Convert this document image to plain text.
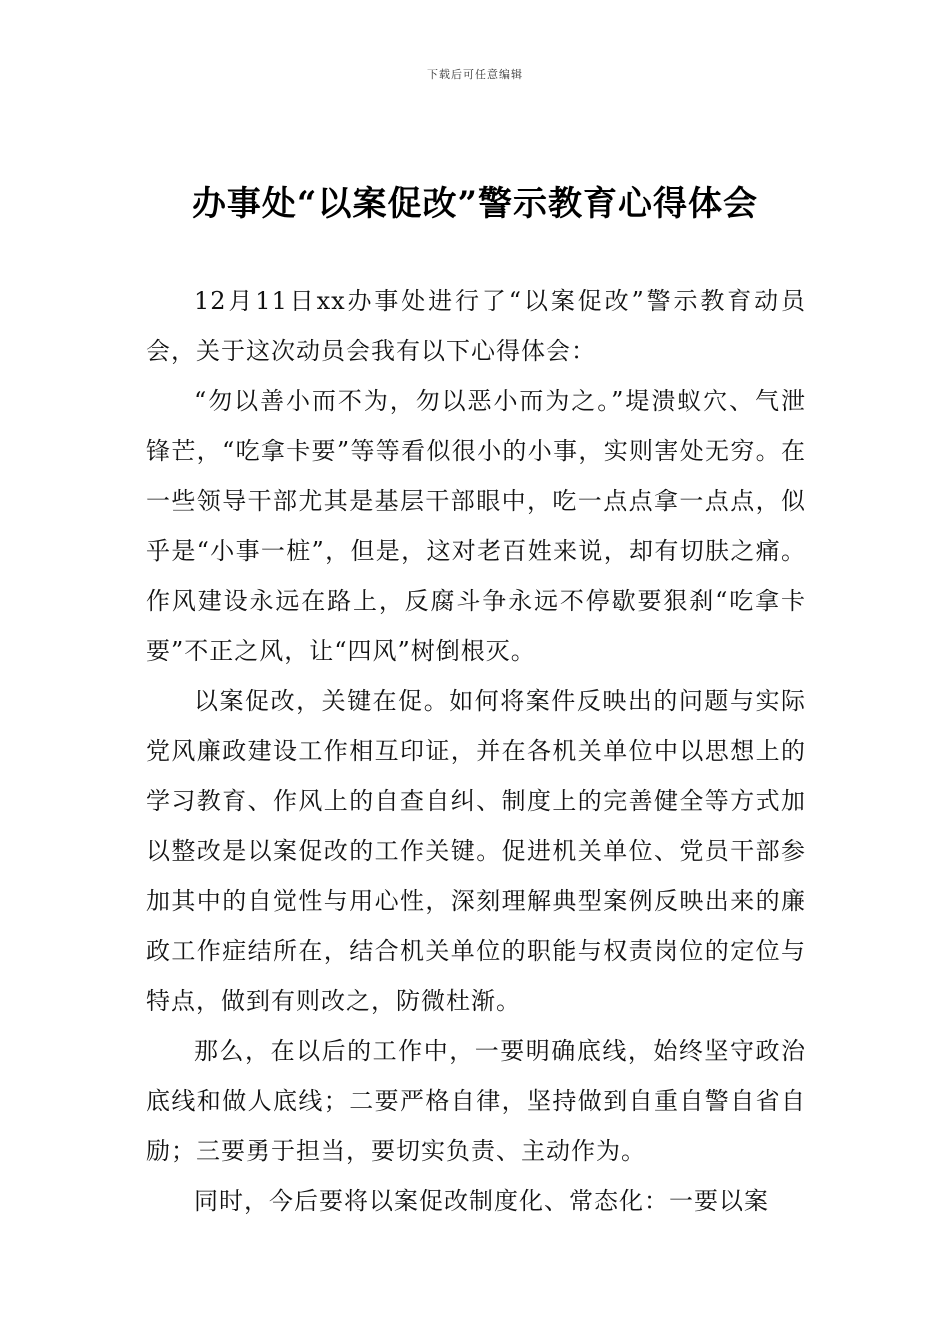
下载后可任意编辑
办事处“以案促改”警示教育心得体会

12月11日xx办事处进行了“以案促改”警示教育动员会，关于这次动员会我有以下心得体会：

“勿以善小而不为，勿以恶小而为之。”堤溃蚁穴、气泄锋芒，“吃拿卡要”等等看似很小的小事，实则害处无穷。在一些领导干部尤其是基层干部眼中，吃一点点拿一点点，似乎是“小事一桩”，但是，这对老百姓来说，却有切肤之痛。作风建设永远在路上，反腐斗争永远不停歇要狠刹“吃拿卡要”不正之风，让“四风”树倒根灭。

以案促改，关键在促。如何将案件反映出的问题与实际党风廉政建设工作相互印证，并在各机关单位中以思想上的学习教育、作风上的自查自纠、制度上的完善健全等方式加以整改是以案促改的工作关键。促进机关单位、党员干部参加其中的自觉性与用心性，深刻理解典型案例反映出来的廉政工作症结所在，结合机关单位的职能与权责岗位的定位与特点，做到有则改之，防微杜渐。

那么，在以后的工作中，一要明确底线，始终坚守政治底线和做人底线；二要严格自律，坚持做到自重自警自省自励；三要勇于担当，要切实负责、主动作为。

同时，今后要将以案促改制度化、常态化：一要以案
